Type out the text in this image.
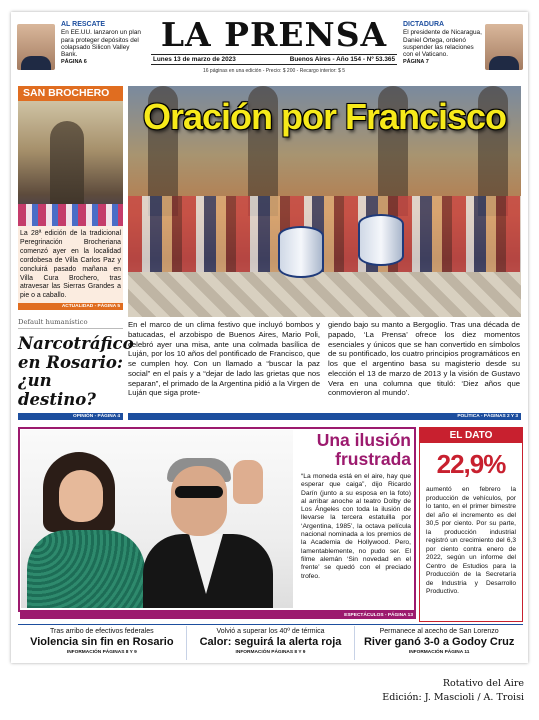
AL RESCATE
En EE.UU. lanzaron un plan para proteger depósitos del colapsado Silicon Valley Bank.
PÁGINA 6
LA PRENSA
Lunes 13 de marzo de 2023	Buenos Aires - Año 154 - Nº 53.365
16 páginas en una edición - Precio: $ 200 - Recargo interior: $ 5
DICTADURA
El presidente de Nicaragua, Daniel Ortega, ordenó suspender las relaciones con el Vaticano.
PÁGINA 7
SAN BROCHERO
La 28ª edición de la tradicional Peregrinación Brocheriana comenzó ayer en la localidad cordobesa de Villa Carlos Paz y concluirá pasado mañana en Villa Cura Brochero, tras atravesar las Sierras Grandes a pie o a caballo.
ACTUALIDAD - PÁGINA 5
Default humanístico
Narcotráfico en Rosario: ¿un destino?
OPINIÓN - PÁGINA 4
Oración por Francisco
En el marco de un clima festivo que incluyó bombos y batucadas, el arzobispo de Buenos Aires, Mario Poli, celebró ayer una misa, ante una colmada basílica de Luján, por los 10 años del pontificado de Francisco, que se cumplen hoy. Con un llamado a “buscar la paz social” en el país y a “dejar de lado las grietas que nos separan”, el primado de la Argentina pidió a la Virgen de Luján que siga prote-
giendo bajo su manto a Bergoglio. Tras una década de papado, ‘La Prensa’ ofrece los diez momentos esenciales y únicos que se han convertido en símbolos de su pontificado, los cuatro principios programáticos en los que el argentino basa su magisterio desde su elección el 13 de marzo de 2013 y la visión de Gustavo Vera en una columna que tituló: ‘Diez años que conmovieron al mundo’.
POLÍTICA - PÁGINAS 2 Y 3
Una ilusión frustrada
“La moneda está en el aire, hay que esperar que caiga”, dijo Ricardo Darín (junto a su esposa en la foto) al arribar anoche al teatro Dolby de Los Ángeles con toda la ilusión de llevarse la tercera estatuilla por ‘Argentina, 1985’, la octava película nacional nominada a los premios de la Academia de Hollywood. Pero, lamentablemente, no pudo ser. El filme alemán ‘Sin novedad en el frente’ se quedó con el preciado trofeo.
ESPECTÁCULOS - PÁGINA 13
EL DATO
22,9%
aumentó en febrero la producción de vehículos, por lo tanto, en el primer bimestre del año el incremento es del 30,5 por ciento. Por su parte, la producción industrial registró un crecimiento del 6,3 por ciento contra enero de 2022, según un informe del Centro de Estudios para la Producción de la Secretaría de Industria y Desarrollo Productivo.
Tras arribo de efectivos federales
Violencia sin fin en Rosario
INFORMACIÓN PÁGINAS 8 Y 9
Volvió a superar los 40º de térmica
Calor: seguirá la alerta roja
INFORMACIÓN PÁGINAS 8 Y 9
Permanece al acecho de San Lorenzo
River ganó 3-0 a Godoy Cruz
INFORMACIÓN PÁGINA 11
Rotativo del Aire
Edición: J. Mascioli / A. Troisi
